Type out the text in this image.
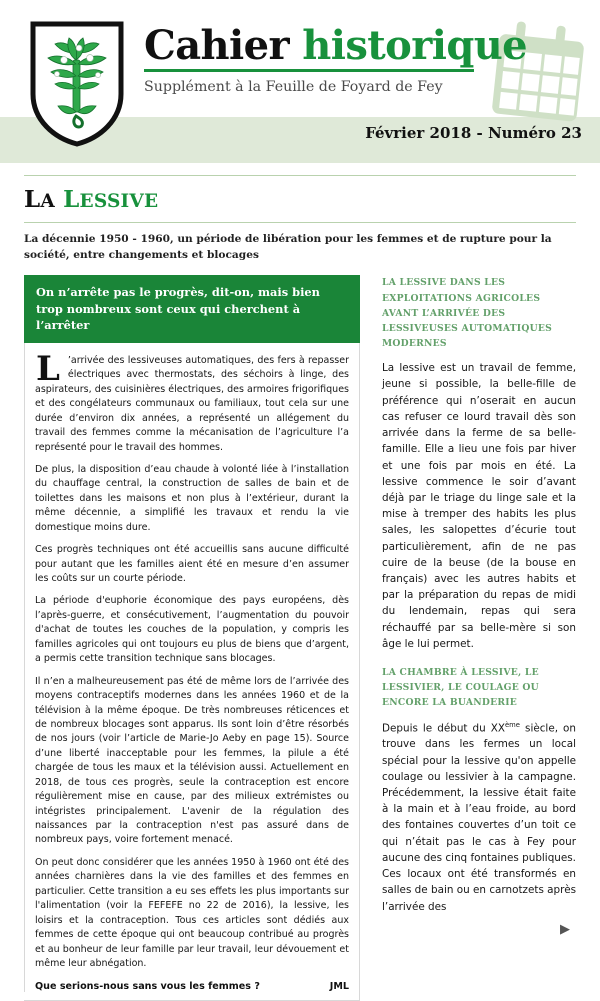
Cahier historique
Supplément à la Feuille de Foyard de Fey
Février 2018 - Numéro 23
LA LESSIVE

La décennie 1950 - 1960, un période de libération pour les femmes et de rupture pour la société, entre changements et blocages

On n’arrête pas le progrès, dit-on, mais bien trop nombreux sont ceux qui cherchent à l’arrêter

L ’arrivée des lessiveuses automatiques, des fers à repasser électriques avec thermostats, des séchoirs à linge, des aspirateurs, des cuisinières électriques, des armoires frigorifiques et des congélateurs communaux ou familiaux, tout cela sur une durée d’environ dix années, a représenté un allégement du travail des femmes comme la mécanisation de l’agriculture l’a représenté pour le travail des hommes.

De plus, la disposition d’eau chaude à volonté liée à l’installation du chauffage central, la construction de salles de bain et de toilettes dans les maisons et non plus à l’extérieur, durant la même décennie, a simplifié les travaux et rendu la vie domestique moins dure.

Ces progrès techniques ont été accueillis sans aucune difficulté pour autant que les familles aient été en mesure d’en assumer les coûts sur un courte période.

La période d'euphorie économique des pays européens, dès l’après-guerre, et consécutivement, l’augmentation du pouvoir d'achat de toutes les couches de la population, y compris les familles agricoles qui ont toujours eu plus de biens que d’argent, a permis cette transition technique sans blocages.

Il n’en a malheureusement pas été de même lors de l’arrivée des moyens contraceptifs modernes dans les années 1960 et de la télévision à la même époque. De très nombreuses réticences et de nombreux blocages sont apparus. Ils sont loin d’être résorbés de nos jours (voir l’article de Marie-Jo Aeby en page 15). Source d’une liberté inacceptable pour les femmes, la pilule a été chargée de tous les maux et la télévision aussi. Actuellement en 2018, de tous ces progrès, seule la contraception est encore régulièrement mise en cause, par des milieux extrémistes ou intégristes principalement. L'avenir de la régulation des naissances par la contraception n'est pas assuré dans de nombreux pays, voire fortement menacé.

On peut donc considérer que les années 1950 à 1960 ont été des années charnières dans la vie des familles et des femmes en particulier. Cette transition a eu ses effets les plus importants sur l'alimentation (voir la FEFEFE no 22 de 2016), la lessive, les loisirs et la contraception. Tous ces articles sont dédiés aux femmes de cette époque qui ont beaucoup contribué au progrès et au bonheur de leur famille par leur travail, leur dévouement et même leur abnégation.

Que serions-nous sans vous les femmes ?	JML
LA LESSIVE DANS LES EXPLOITATIONS AGRICOLES AVANT L’ARRIVÉE DES LESSIVEUSES AUTOMATIQUES MODERNES

La lessive est un travail de femme, jeune si possible, la belle-fille de préférence qui n’oserait en aucun cas refuser ce lourd travail dès son arrivée dans la ferme de sa belle-famille. Elle a lieu une fois par hiver et une fois par mois en été. La lessive commence le soir d’avant déjà par le triage du linge sale et la mise à tremper des habits les plus sales, les salopettes d’écurie tout particulièrement, afin de ne pas cuire de la beuse (de la bouse en français) avec les autres habits et par la préparation du repas de midi du lendemain, repas qui sera réchauffé par sa belle-mère si son âge le lui permet.

LA CHAMBRE À LESSIVE, LE LESSIVIER, LE COULAGE OU ENCORE LA BUANDERIE

Depuis le début du XXème siècle, on trouve dans les fermes un local spécial pour la lessive qu'on appelle coulage ou lessivier à la campagne. Précédemment, la lessive était faite à la main et à l’eau froide, au bord des fontaines couvertes d’un toit ce qui n’était pas le cas à Fey pour aucune des cinq fontaines publiques. Ces locaux ont été transformés en salles de bain ou en carnotzets après l’arrivée des

▶
